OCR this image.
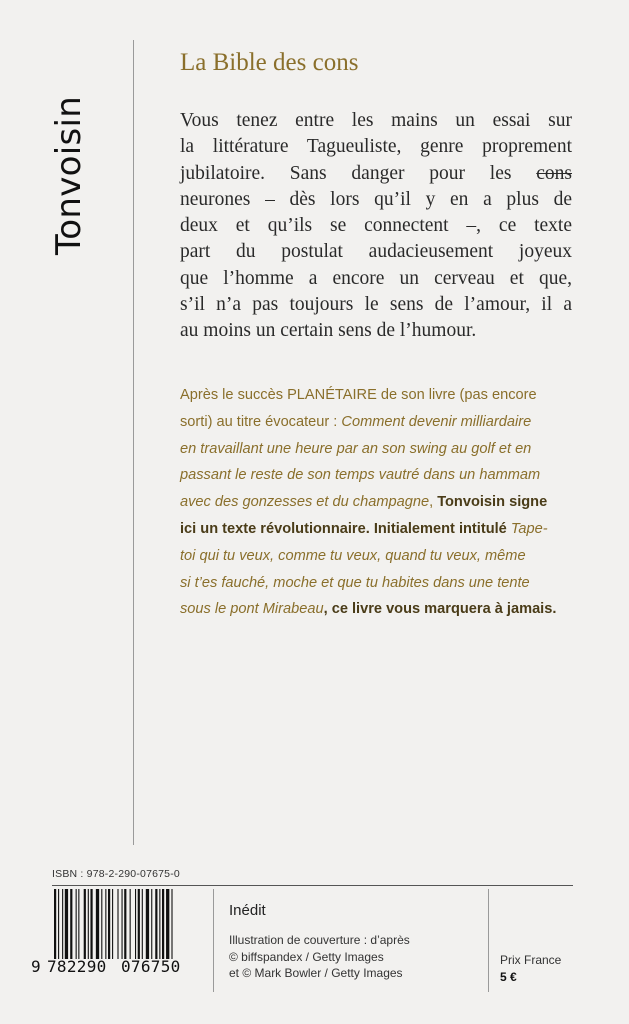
Tonvoisin
La Bible des cons
Vous tenez entre les mains un essai sur
la littérature Tagueuliste, genre proprement
jubilatoire. Sans danger pour les cons
neurones – dès lors qu’il y en a plus de
deux et qu’ils se connectent –, ce texte
part du postulat audacieusement joyeux
que l’homme a encore un cerveau et que,
s’il n’a pas toujours le sens de l’amour, il a
au moins un certain sens de l’humour.
Après le succès PLANÉTAIRE de son livre (pas encore
sorti) au titre évocateur : Comment devenir milliardaire
en travaillant une heure par an son swing au golf et en
passant le reste de son temps vautré dans un hammam
avec des gonzesses et du champagne, Tonvoisin signe
ici un texte révolutionnaire. Initialement intitulé Tape-
toi qui tu veux, comme tu veux, quand tu veux, même
si t’es fauché, moche et que tu habites dans une tente
sous le pont Mirabeau, ce livre vous marquera à jamais.
ISBN : 978-2-290-07675-0
9 782290 076750
Inédit
Illustration de couverture : d’après
© biffspandex / Getty Images
et © Mark Bowler / Getty Images
Prix France
5 €
